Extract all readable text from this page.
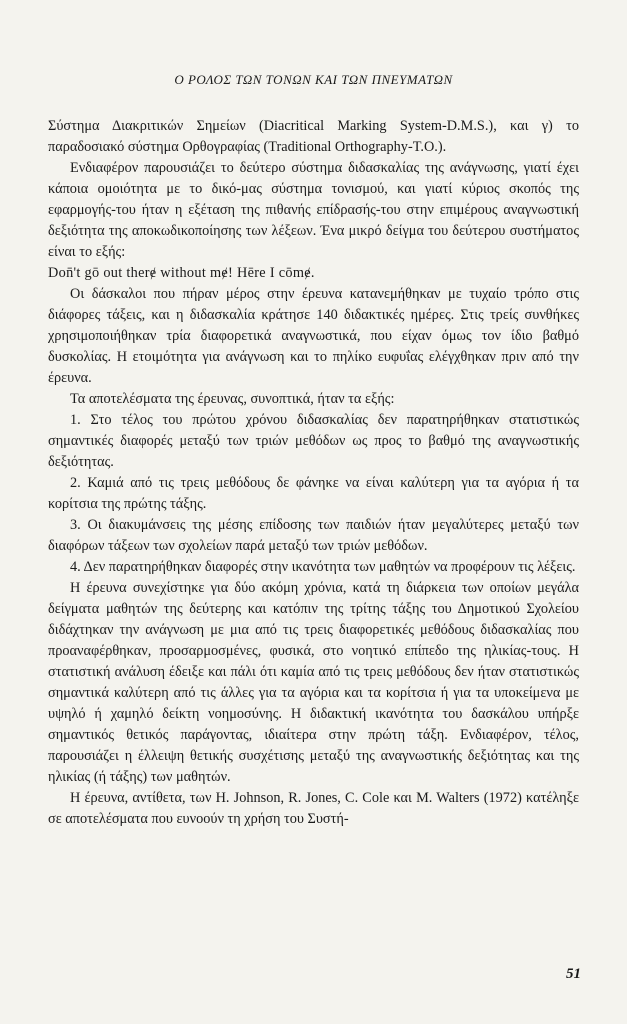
Ο ΡΟΛΟΣ ΤΩΝ ΤΟΝΩΝ ΚΑΙ ΤΩΝ ΠΝΕΥΜΑΤΩΝ

Σύστημα Διακριτικών Σημείων (Diacritical Marking System-D.M.S.), και γ) το παραδοσιακό σύστημα Ορθογραφίας (Traditional Orthography-T.O.).

Ενδιαφέρον παρουσιάζει το δεύτερο σύστημα διδασκαλίας της ανάγνωσης, γιατί έχει κάποια ομοιότητα με το δικό-μας σύστημα τονισμού, και γιατί κύριος σκοπός της εφαρμογής-του ήταν η εξέταση της πιθανής επίδρασής-του στην επιμέρους αναγνωστική δεξιότητα της αποκωδικοποίησης των λέξεων. Ένα μικρό δείγμα του δεύτερου συστήματος είναι το εξής:

Don̄'t gō out therɇ without mɇ! Hēre I cōmɇ.

Οι δάσκαλοι που πήραν μέρος στην έρευνα κατανεμήθηκαν με τυχαίο τρόπο στις διάφορες τάξεις, και η διδασκαλία κράτησε 140 διδακτικές ημέρες. Στις τρείς συνθήκες χρησιμοποιήθηκαν τρία διαφορετικά αναγνωστικά, που είχαν όμως τον ίδιο βαθμό δυσκολίας. Η ετοιμότητα για ανάγνωση και το πηλίκο ευφυΐας ελέγχθηκαν πριν από την έρευνα.

Τα αποτελέσματα της έρευνας, συνοπτικά, ήταν τα εξής:

1. Στο τέλος του πρώτου χρόνου διδασκαλίας δεν παρατηρήθηκαν στατιστικώς σημαντικές διαφορές μεταξύ των τριών μεθόδων ως προς το βαθμό της αναγνωστικής δεξιότητας.

2. Καμιά από τις τρεις μεθόδους δε φάνηκε να είναι καλύτερη για τα αγόρια ή τα κορίτσια της πρώτης τάξης.

3. Οι διακυμάνσεις της μέσης επίδοσης των παιδιών ήταν μεγαλύτερες μεταξύ των διαφόρων τάξεων των σχολείων παρά μεταξύ των τριών μεθόδων.

4. Δεν παρατηρήθηκαν διαφορές στην ικανότητα των μαθητών να προφέρουν τις λέξεις.

Η έρευνα συνεχίστηκε για δύο ακόμη χρόνια, κατά τη διάρκεια των οποίων μεγάλα δείγματα μαθητών της δεύτερης και κατόπιν της τρίτης τάξης του Δημοτικού Σχολείου διδάχτηκαν την ανάγνωση με μια από τις τρεις διαφορετικές μεθόδους διδασκαλίας που προαναφέρθηκαν, προσαρμοσμένες, φυσικά, στο νοητικό επίπεδο της ηλικίας-τους. Η στατιστική ανάλυση έδειξε και πάλι ότι καμία από τις τρεις μεθόδους δεν ήταν στατιστικώς σημαντικά καλύτερη από τις άλλες για τα αγόρια και τα κορίτσια ή για τα υποκείμενα με υψηλό ή χαμηλό δείκτη νοημοσύνης. Η διδακτική ικανότητα του δασκάλου υπήρξε σημαντικός θετικός παράγοντας, ιδιαίτερα στην πρώτη τάξη. Ενδιαφέρον, τέλος, παρουσιάζει η έλλειψη θετικής συσχέτισης μεταξύ της αναγνωστικής δεξιότητας και της ηλικίας (ή τάξης) των μαθητών.

Η έρευνα, αντίθετα, των H. Johnson, R. Jones, C. Cole και M. Walters (1972) κατέληξε σε αποτελέσματα που ευνοούν τη χρήση του Συστή-

51
